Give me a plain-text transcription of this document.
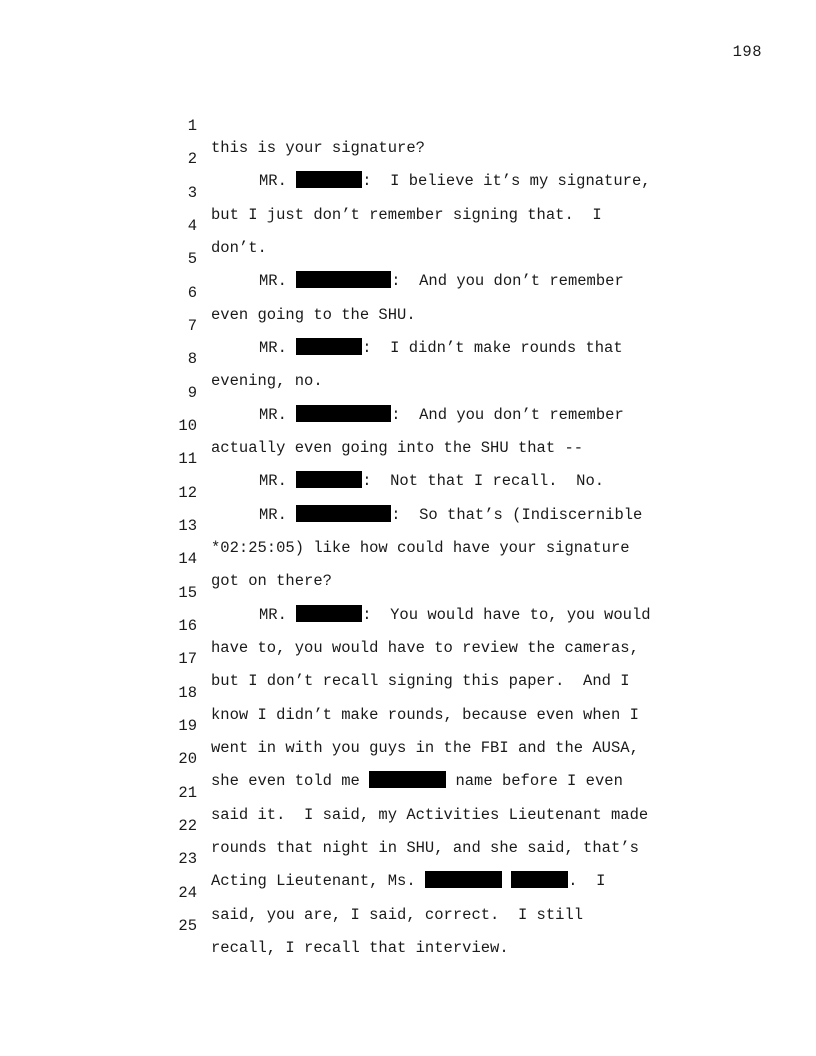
198

1

this is your signature?

2

MR.	:  I believe it’s my signature,

3

but I just don’t remember signing that.  I

4

don’t.

5

MR.	:  And you don’t remember

6

even going to the SHU.

7

MR.	:  I didn’t make rounds that

8

evening, no.

9

MR.	:  And you don’t remember

10

actually even going into the SHU that --

11

MR.	:  Not that I recall.  No.

12

MR.	:  So that’s (Indiscernible

13

*02:25:05) like how could have your signature

14

got on there?

15

MR.	:  You would have to, you would

16

have to, you would have to review the cameras,

17

but I don’t recall signing this paper.  And I

18

know I didn’t make rounds, because even when I

19

went in with you guys in the FBI and the AUSA,

20

she even told me	name before I even

21

said it.  I said, my Activities Lieutenant made

22

rounds that night in SHU, and she said, that’s

23

Acting Lieutenant, Ms.	.  I

24

said, you are, I said, correct.  I still

25

recall, I recall that interview.
